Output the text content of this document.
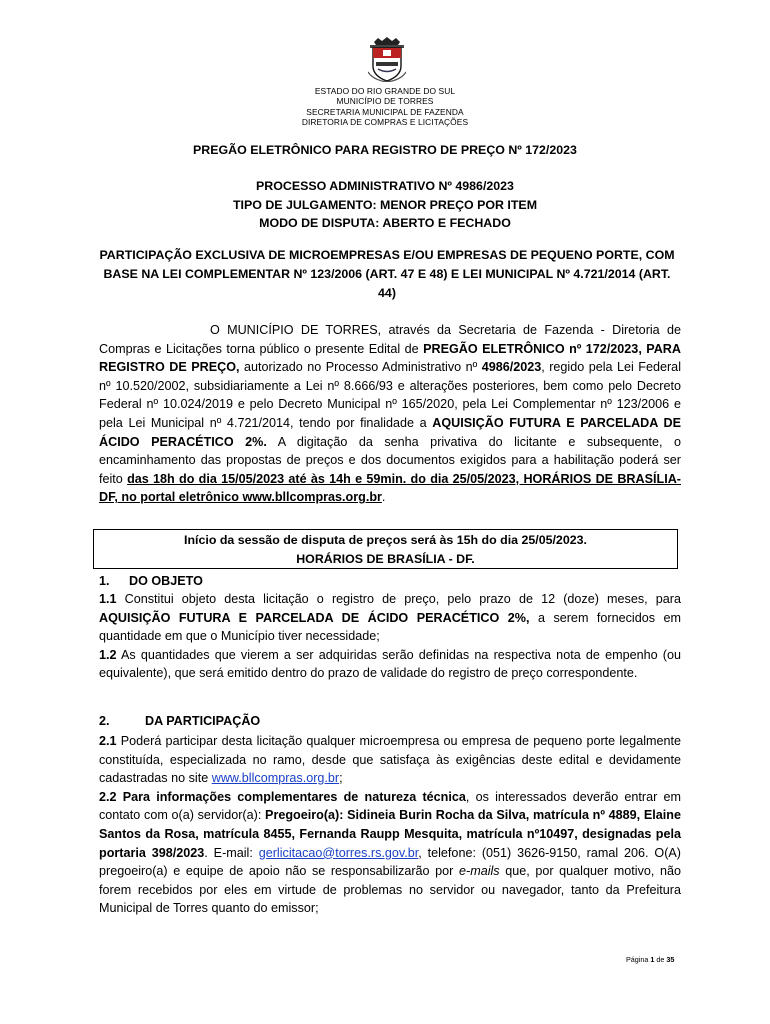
ESTADO DO RIO GRANDE DO SUL
MUNICÍPIO DE TORRES
SECRETARIA MUNICIPAL DE FAZENDA
DIRETORIA DE COMPRAS E LICITAÇÕES
PREGÃO ELETRÔNICO PARA REGISTRO DE PREÇO Nº 172/2023
PROCESSO ADMINISTRATIVO Nº 4986/2023
TIPO DE JULGAMENTO: MENOR PREÇO POR ITEM
MODO DE DISPUTA: ABERTO E FECHADO
PARTICIPAÇÃO EXCLUSIVA DE MICROEMPRESAS E/OU EMPRESAS DE PEQUENO PORTE, COM BASE NA LEI COMPLEMENTAR Nº 123/2006 (ART. 47 E 48) E LEI MUNICIPAL Nº 4.721/2014 (ART. 44)
O MUNICÍPIO DE TORRES, através da Secretaria de Fazenda - Diretoria de Compras e Licitações torna público o presente Edital de PREGÃO ELETRÔNICO nº 172/2023, PARA REGISTRO DE PREÇO, autorizado no Processo Administrativo nº 4986/2023, regido pela Lei Federal nº 10.520/2002, subsidiariamente a Lei nº 8.666/93 e alterações posteriores, bem como pelo Decreto Federal nº 10.024/2019 e pelo Decreto Municipal nº 165/2020, pela Lei Complementar nº 123/2006 e pela Lei Municipal nº 4.721/2014, tendo por finalidade a AQUISIÇÃO FUTURA E PARCELADA DE ÁCIDO PERACÉTICO 2%. A digitação da senha privativa do licitante e subsequente, o encaminhamento das propostas de preços e dos documentos exigidos para a habilitação poderá ser feito das 18h do dia 15/05/2023 até às 14h e 59min. do dia 25/05/2023, HORÁRIOS DE BRASÍLIA-DF, no portal eletrônico www.bllcompras.org.br.
Início da sessão de disputa de preços será às 15h do dia 25/05/2023.
HORÁRIOS DE BRASÍLIA - DF.
1. DO OBJETO
1.1 Constitui objeto desta licitação o registro de preço, pelo prazo de 12 (doze) meses, para AQUISIÇÃO FUTURA E PARCELADA DE ÁCIDO PERACÉTICO 2%, a serem fornecidos em quantidade em que o Município tiver necessidade;
1.2 As quantidades que vierem a ser adquiridas serão definidas na respectiva nota de empenho (ou equivalente), que será emitido dentro do prazo de validade do registro de preço correspondente.
2.	DA PARTICIPAÇÃO
2.1 Poderá participar desta licitação qualquer microempresa ou empresa de pequeno porte legalmente constituída, especializada no ramo, desde que satisfaça às exigências deste edital e devidamente cadastradas no site www.bllcompras.org.br;
2.2 Para informações complementares de natureza técnica, os interessados deverão entrar em contato com o(a) servidor(a): Pregoeiro(a): Sidineia Burin Rocha da Silva, matrícula nº 4889, Elaine Santos da Rosa, matrícula 8455, Fernanda Raupp Mesquita, matrícula nº10497, designadas pela portaria 398/2023. E-mail: gerlicitacao@torres.rs.gov.br, telefone: (051) 3626-9150, ramal 206. O(A) pregoeiro(a) e equipe de apoio não se responsabilizarão por e-mails que, por qualquer motivo, não forem recebidos por eles em virtude de problemas no servidor ou navegador, tanto da Prefeitura Municipal de Torres quanto do emissor;
Página 1 de 35
